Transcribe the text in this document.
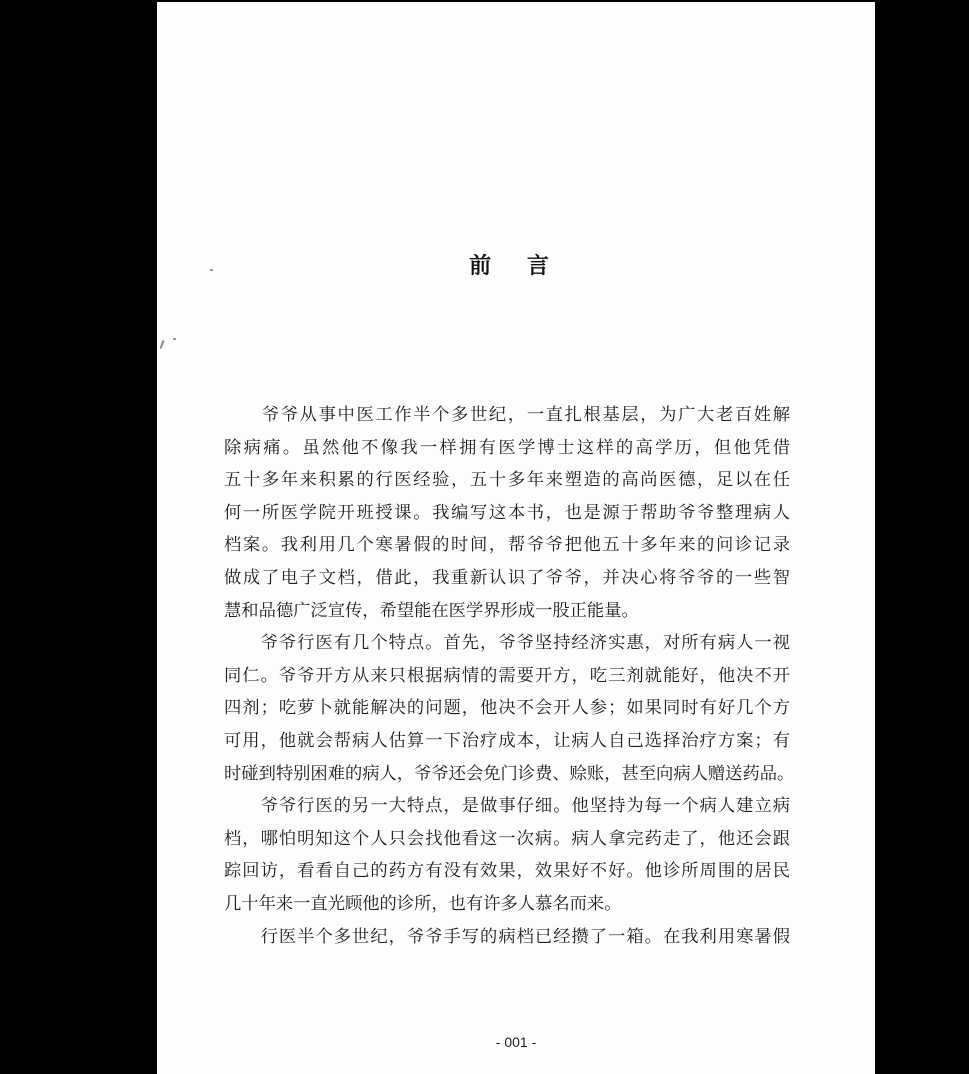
前 言
　　爷爷从事中医工作半个多世纪，一直扎根基层，为广大老百姓解
除病痛。虽然他不像我一样拥有医学博士这样的高学历，但他凭借
五十多年来积累的行医经验，五十多年来塑造的高尚医德，足以在任
何一所医学院开班授课。我编写这本书，也是源于帮助爷爷整理病人
档案。我利用几个寒暑假的时间，帮爷爷把他五十多年来的问诊记录
做成了电子文档，借此，我重新认识了爷爷，并决心将爷爷的一些智
慧和品德广泛宣传，希望能在医学界形成一股正能量。
　　爷爷行医有几个特点。首先，爷爷坚持经济实惠，对所有病人一视
同仁。爷爷开方从来只根据病情的需要开方，吃三剂就能好，他决不开
四剂；吃萝卜就能解决的问题，他决不会开人参；如果同时有好几个方
可用，他就会帮病人估算一下治疗成本，让病人自己选择治疗方案；有
时碰到特别困难的病人，爷爷还会免门诊费、赊账，甚至向病人赠送药品。
　　爷爷行医的另一大特点，是做事仔细。他坚持为每一个病人建立病
档，哪怕明知这个人只会找他看这一次病。病人拿完药走了，他还会跟
踪回访，看看自己的药方有没有效果，效果好不好。他诊所周围的居民
几十年来一直光顾他的诊所，也有许多人慕名而来。
　　行医半个多世纪，爷爷手写的病档已经攒了一箱。在我利用寒暑假
- 001 -
